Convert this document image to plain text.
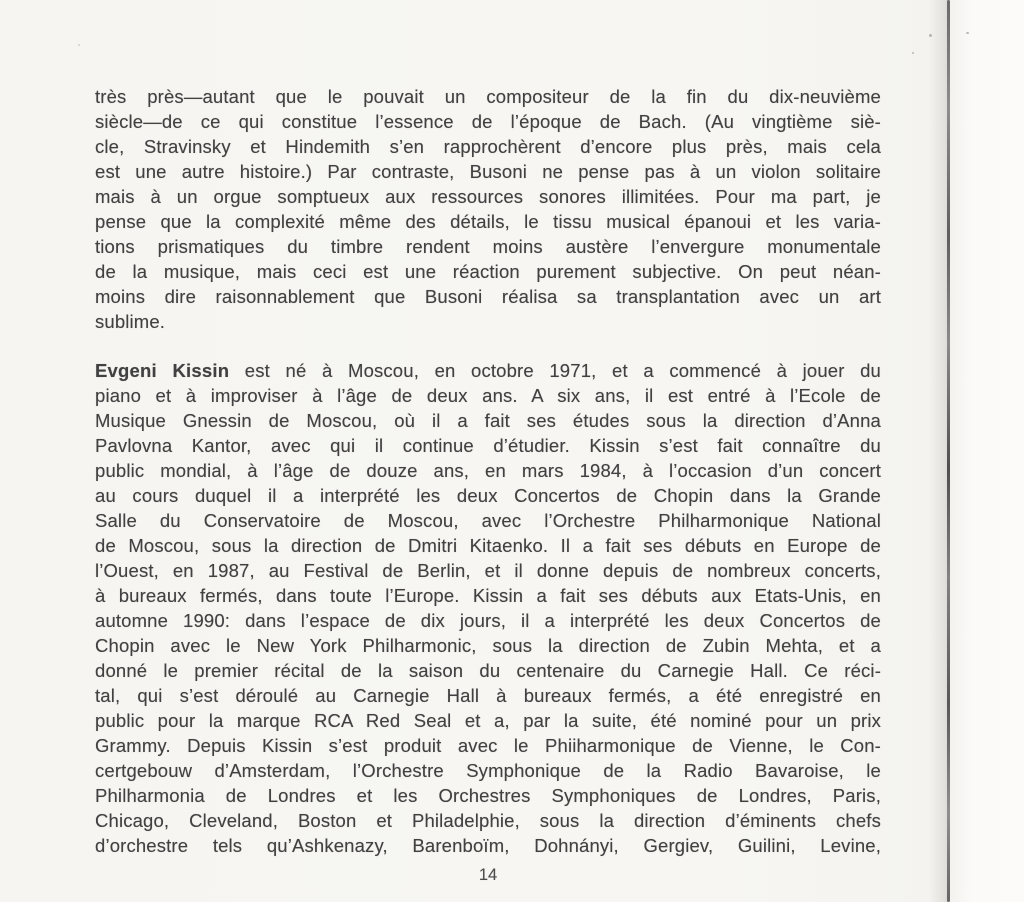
très près—autant que le pouvait un compositeur de la fin du dix-neuvième
siècle—de ce qui constitue l’essence de l’époque de Bach. (Au vingtième siè-
cle, Stravinsky et Hindemith s’en rapprochèrent d’encore plus près, mais cela
est une autre histoire.) Par contraste, Busoni ne pense pas à un violon solitaire
mais à un orgue somptueux aux ressources sonores illimitées. Pour ma part, je
pense que la complexité même des détails, le tissu musical épanoui et les varia-
tions prismatiques du timbre rendent moins austère l’envergure monumentale
de la musique, mais ceci est une réaction purement subjective. On peut néan-
moins dire raisonnablement que Busoni réalisa sa transplantation avec un art
sublime.
Evgeni Kissin est né à Moscou, en octobre 1971, et a commencé à jouer du
piano et à improviser à l’âge de deux ans. A six ans, il est entré à l’Ecole de
Musique Gnessin de Moscou, où il a fait ses études sous la direction d’Anna
Pavlovna Kantor, avec qui il continue d’étudier. Kissin s’est fait connaître du
public mondial, à l’âge de douze ans, en mars 1984, à l’occasion d’un concert
au cours duquel il a interprété les deux Concertos de Chopin dans la Grande
Salle du Conservatoire de Moscou, avec l’Orchestre Philharmonique National
de Moscou, sous la direction de Dmitri Kitaenko. Il a fait ses débuts en Europe de
l’Ouest, en 1987, au Festival de Berlin, et il donne depuis de nombreux concerts,
à bureaux fermés, dans toute l’Europe. Kissin a fait ses débuts aux Etats-Unis, en
automne 1990: dans l’espace de dix jours, il a interprété les deux Concertos de
Chopin avec le New York Philharmonic, sous la direction de Zubin Mehta, et a
donné le premier récital de la saison du centenaire du Carnegie Hall. Ce réci-
tal, qui s’est déroulé au Carnegie Hall à bureaux fermés, a été enregistré en
public pour la marque RCA Red Seal et a, par la suite, été nominé pour un prix
Grammy. Depuis Kissin s’est produit avec le Phiiharmonique de Vienne, le Con-
certgebouw d’Amsterdam, l’Orchestre Symphonique de la Radio Bavaroise, le
Philharmonia de Londres et les Orchestres Symphoniques de Londres, Paris,
Chicago, Cleveland, Boston et Philadelphie, sous la direction d’éminents chefs
d’orchestre tels qu’Ashkenazy, Barenboïm, Dohnányi, Gergiev, Guilini, Levine,
14
